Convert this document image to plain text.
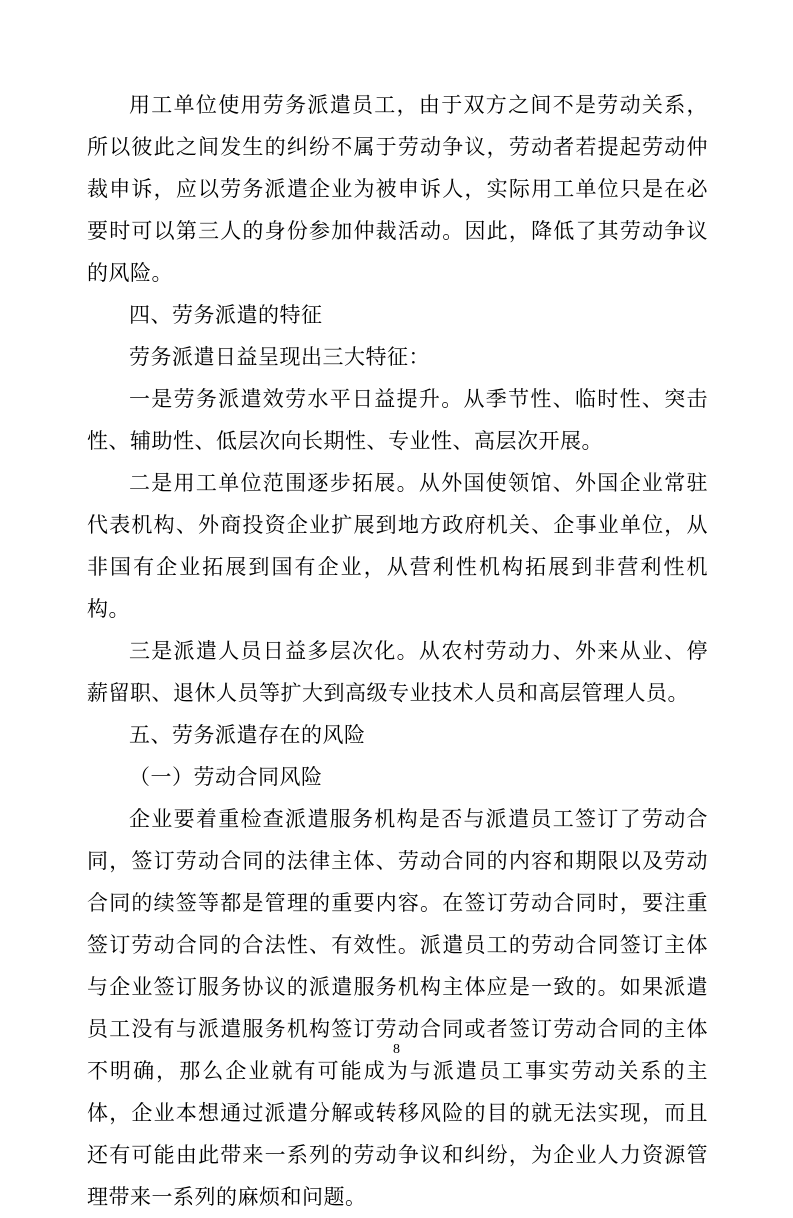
用工单位使用劳务派遣员工，由于双方之间不是劳动关系，所以彼此之间发生的纠纷不属于劳动争议，劳动者若提起劳动仲裁申诉，应以劳务派遣企业为被申诉人，实际用工单位只是在必要时可以第三人的身份参加仲裁活动。因此，降低了其劳动争议的风险。

四、劳务派遣的特征

劳务派遣日益呈现出三大特征：

一是劳务派遣效劳水平日益提升。从季节性、临时性、突击性、辅助性、低层次向长期性、专业性、高层次开展。

二是用工单位范围逐步拓展。从外国使领馆、外国企业常驻代表机构、外商投资企业扩展到地方政府机关、企事业单位，从非国有企业拓展到国有企业，从营利性机构拓展到非营利性机构。

三是派遣人员日益多层次化。从农村劳动力、外来从业、停薪留职、退休人员等扩大到高级专业技术人员和高层管理人员。

五、劳务派遣存在的风险

（一）劳动合同风险

企业要着重检查派遣服务机构是否与派遣员工签订了劳动合同，签订劳动合同的法律主体、劳动合同的内容和期限以及劳动合同的续签等都是管理的重要内容。在签订劳动合同时，要注重签订劳动合同的合法性、有效性。派遣员工的劳动合同签订主体与企业签订服务协议的派遣服务机构主体应是一致的。如果派遣员工没有与派遣服务机构签订劳动合同或者签订劳动合同的主体不明确，那么企业就有可能成为与派遣员工事实劳动关系的主体，企业本想通过派遣分解或转移风险的目的就无法实现，而且还有可能由此带来一系列的劳动争议和纠纷，为企业人力资源管理带来一系列的麻烦和问题。

8
